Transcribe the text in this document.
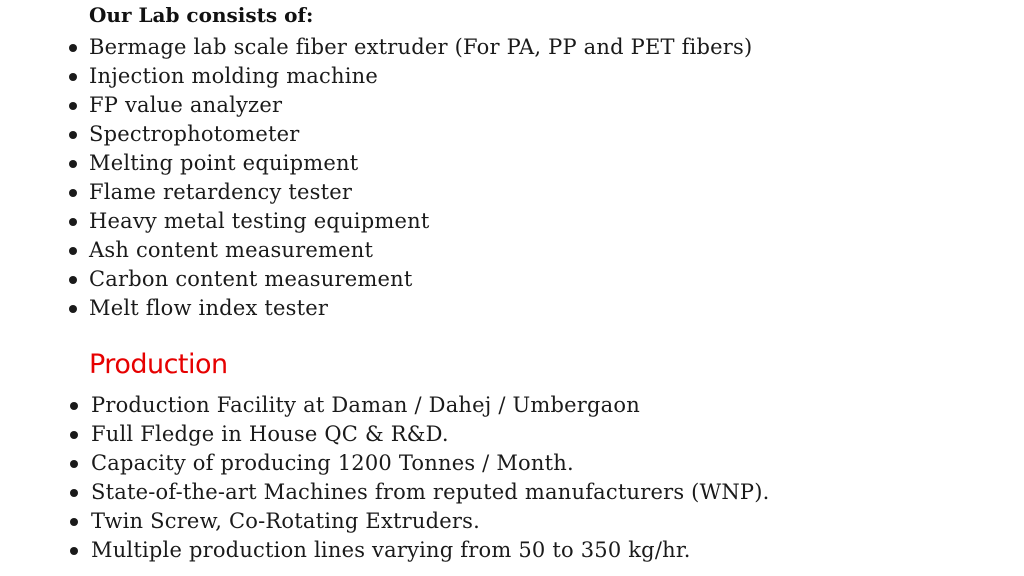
Our Lab consists of:
Bermage lab scale fiber extruder (For PA, PP and PET fibers)
Injection molding machine
FP value analyzer
Spectrophotometer
Melting point equipment
Flame retardency tester
Heavy metal testing equipment
Ash content measurement
Carbon content measurement
Melt flow index tester
Production
Production Facility at Daman / Dahej / Umbergaon
Full Fledge in House QC & R&D.
Capacity of producing 1200 Tonnes / Month.
State-of-the-art Machines from reputed manufacturers (WNP).
Twin Screw, Co-Rotating Extruders.
Multiple production lines varying from 50 to 350 kg/hr.
